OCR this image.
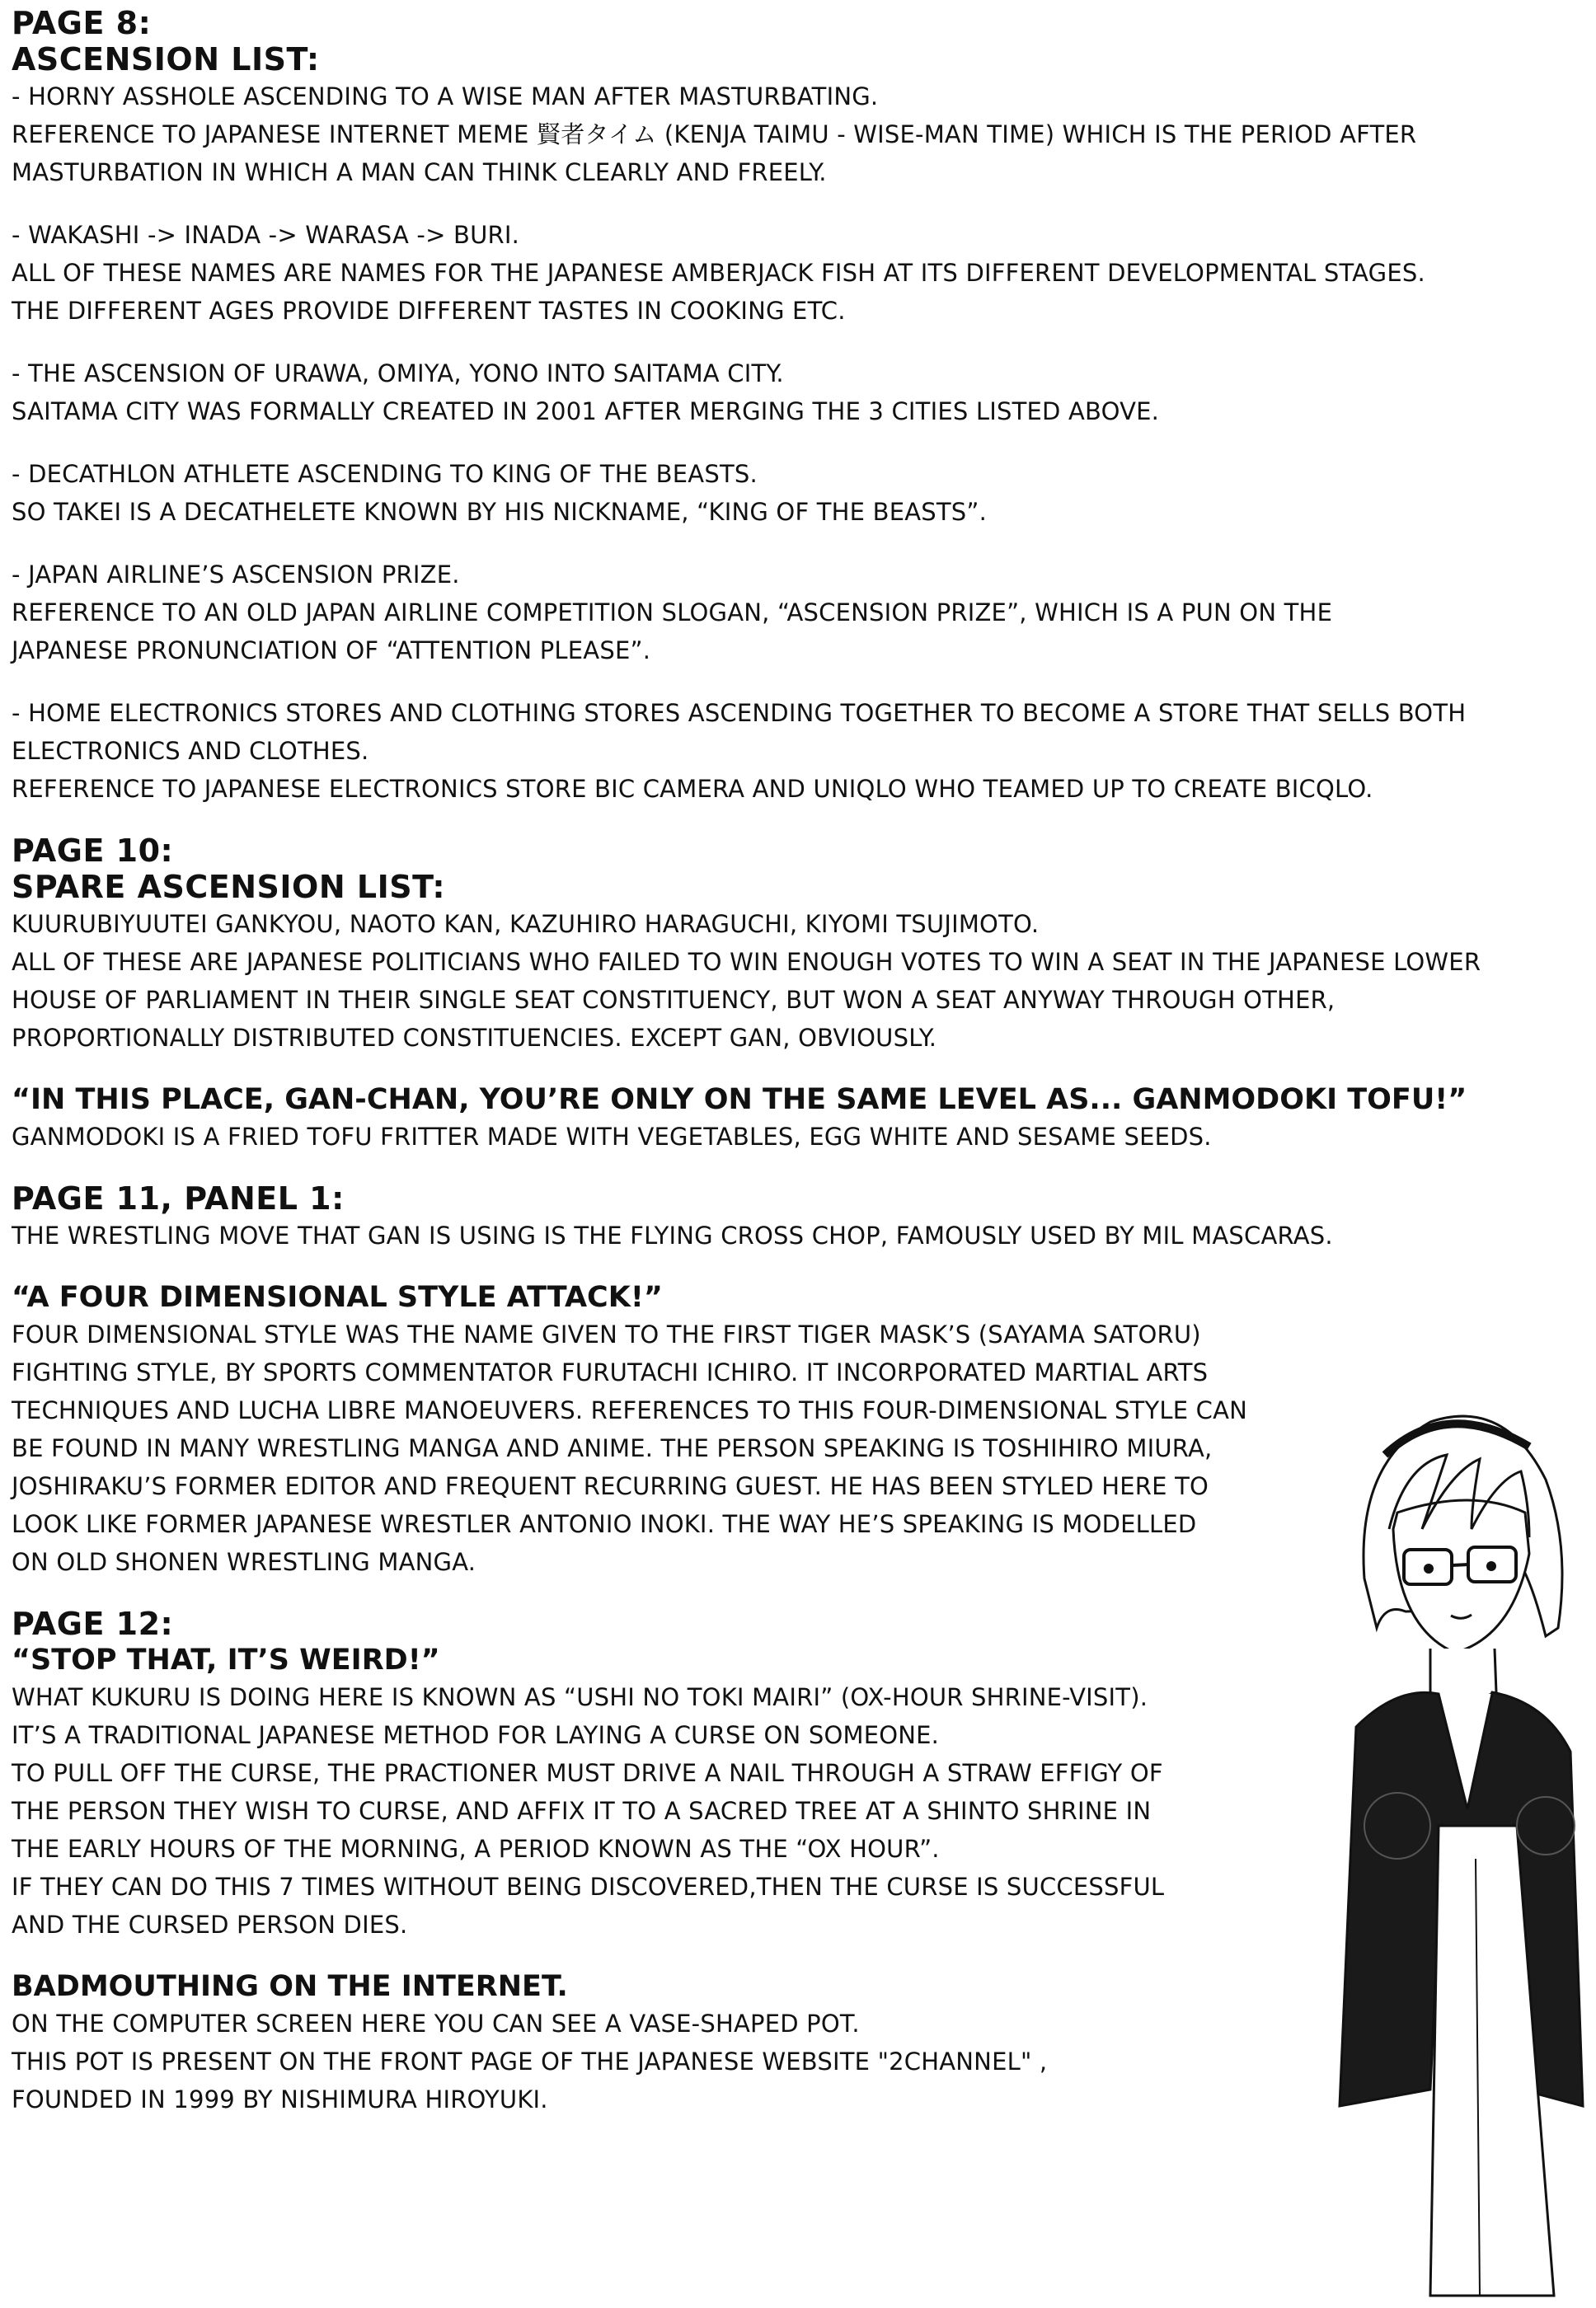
PAGE 8:

ASCENSION LIST:

- HORNY ASSHOLE ASCENDING TO A WISE MAN AFTER MASTURBATING.

REFERENCE TO JAPANESE INTERNET MEME 賢者タイム (KENJA TAIMU - WISE-MAN TIME) WHICH IS THE PERIOD AFTER
MASTURBATION IN WHICH A MAN CAN THINK CLEARLY AND FREELY.

- WAKASHI -> INADA -> WARASA -> BURI.

ALL OF THESE NAMES ARE NAMES FOR THE JAPANESE AMBERJACK FISH AT ITS DIFFERENT DEVELOPMENTAL STAGES.
THE DIFFERENT AGES PROVIDE DIFFERENT TASTES IN COOKING ETC.

- THE ASCENSION OF URAWA, OMIYA, YONO INTO SAITAMA CITY.

SAITAMA CITY WAS FORMALLY CREATED IN 2001 AFTER MERGING THE 3 CITIES LISTED ABOVE.

- DECATHLON ATHLETE ASCENDING TO KING OF THE BEASTS.

SO TAKEI IS A DECATHELETE KNOWN BY HIS NICKNAME, “KING OF THE BEASTS”.

- JAPAN AIRLINE’S ASCENSION PRIZE.

REFERENCE TO AN OLD JAPAN AIRLINE COMPETITION SLOGAN, “ASCENSION PRIZE”, WHICH IS A PUN ON THE
JAPANESE PRONUNCIATION OF “ATTENTION PLEASE”.

- HOME ELECTRONICS STORES AND CLOTHING STORES ASCENDING TOGETHER TO BECOME A STORE THAT SELLS BOTH
ELECTRONICS AND CLOTHES.

REFERENCE TO JAPANESE ELECTRONICS STORE BIC CAMERA AND UNIQLO WHO TEAMED UP TO CREATE BICQLO.

PAGE 10:

SPARE ASCENSION LIST:

KUURUBIYUUTEI GANKYOU, NAOTO KAN, KAZUHIRO HARAGUCHI, KIYOMI TSUJIMOTO.
ALL OF THESE ARE JAPANESE POLITICIANS WHO FAILED TO WIN ENOUGH VOTES TO WIN A SEAT IN THE JAPANESE LOWER
HOUSE OF PARLIAMENT IN THEIR SINGLE SEAT CONSTITUENCY, BUT WON A SEAT ANYWAY THROUGH OTHER,
PROPORTIONALLY DISTRIBUTED CONSTITUENCIES. EXCEPT GAN, OBVIOUSLY.

“IN THIS PLACE, GAN-CHAN, YOU’RE ONLY ON THE SAME LEVEL AS... GANMODOKI TOFU!”

GANMODOKI IS A FRIED TOFU FRITTER MADE WITH VEGETABLES, EGG WHITE AND SESAME SEEDS.

PAGE 11, PANEL 1:

THE WRESTLING MOVE THAT GAN IS USING IS THE FLYING CROSS CHOP, FAMOUSLY USED BY MIL MASCARAS.

“A FOUR DIMENSIONAL STYLE ATTACK!”

FOUR DIMENSIONAL STYLE WAS THE NAME GIVEN TO THE FIRST TIGER MASK’S (SAYAMA SATORU)
FIGHTING STYLE, BY SPORTS COMMENTATOR FURUTACHI ICHIRO. IT INCORPORATED MARTIAL ARTS
TECHNIQUES AND LUCHA LIBRE MANOEUVERS. REFERENCES TO THIS FOUR-DIMENSIONAL STYLE CAN
BE FOUND IN MANY WRESTLING MANGA AND ANIME. THE PERSON SPEAKING IS TOSHIHIRO MIURA,
JOSHIRAKU’S FORMER EDITOR AND FREQUENT RECURRING GUEST. HE HAS BEEN STYLED HERE TO
LOOK LIKE FORMER JAPANESE WRESTLER ANTONIO INOKI. THE WAY HE’S SPEAKING IS MODELLED
ON OLD SHONEN WRESTLING MANGA.

PAGE 12:

“STOP THAT, IT’S WEIRD!”

WHAT KUKURU IS DOING HERE IS KNOWN AS “USHI NO TOKI MAIRI” (OX-HOUR SHRINE-VISIT).
IT’S A TRADITIONAL JAPANESE METHOD FOR LAYING A CURSE ON SOMEONE.
TO PULL OFF THE CURSE, THE PRACTIONER MUST DRIVE A NAIL THROUGH A STRAW EFFIGY OF
THE PERSON THEY WISH TO CURSE, AND AFFIX IT TO A SACRED TREE AT A SHINTO SHRINE IN
THE EARLY HOURS OF THE MORNING, A PERIOD KNOWN AS THE “OX HOUR”.
IF THEY CAN DO THIS 7 TIMES WITHOUT BEING DISCOVERED,THEN THE CURSE IS SUCCESSFUL
AND THE CURSED PERSON DIES.

BADMOUTHING ON THE INTERNET.

ON THE COMPUTER SCREEN HERE YOU CAN SEE A VASE-SHAPED POT.
THIS POT IS PRESENT ON THE FRONT PAGE OF THE JAPANESE WEBSITE "2CHANNEL" ,
FOUNDED IN 1999 BY NISHIMURA HIROYUKI.
